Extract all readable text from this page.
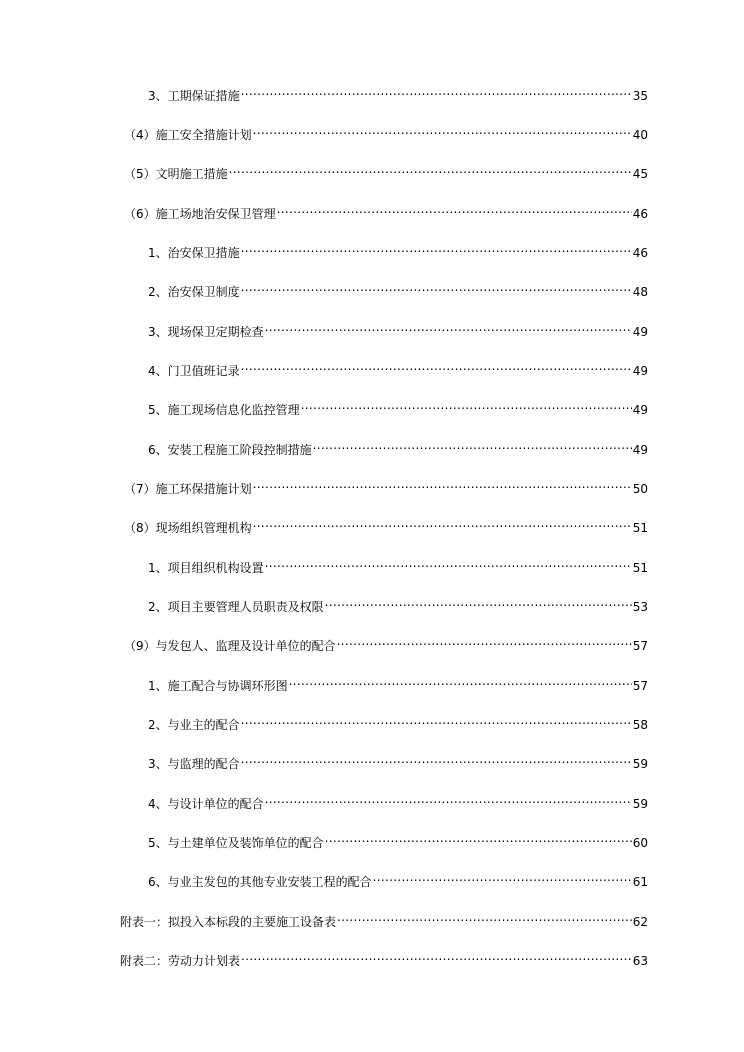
3、工期保证措施 .....	35
（4）施工安全措施计划 .....	40
（5）文明施工措施 .....	45
（6）施工场地治安保卫管理 .....	46
1、治安保卫措施 .....	46
2、治安保卫制度 .....	48
3、现场保卫定期检查 .....	49
4、门卫值班记录 .....	49
5、施工现场信息化监控管理 .....	49
6、安装工程施工阶段控制措施 .....	49
（7）施工环保措施计划 .....	50
（8）现场组织管理机构 .....	51
1、项目组织机构设置 .....	51
2、项目主要管理人员职责及权限 .....	53
（9）与发包人、监理及设计单位的配合 .....	57
1、施工配合与协调环形图 .....	57
2、与业主的配合 .....	58
3、与监理的配合 .....	59
4、与设计单位的配合 .....	59
5、与土建单位及装饰单位的配合 .....	60
6、与业主发包的其他专业安装工程的配合 .....	61
附表一：拟投入本标段的主要施工设备表 .....	62
附表二：劳动力计划表 .....	63
